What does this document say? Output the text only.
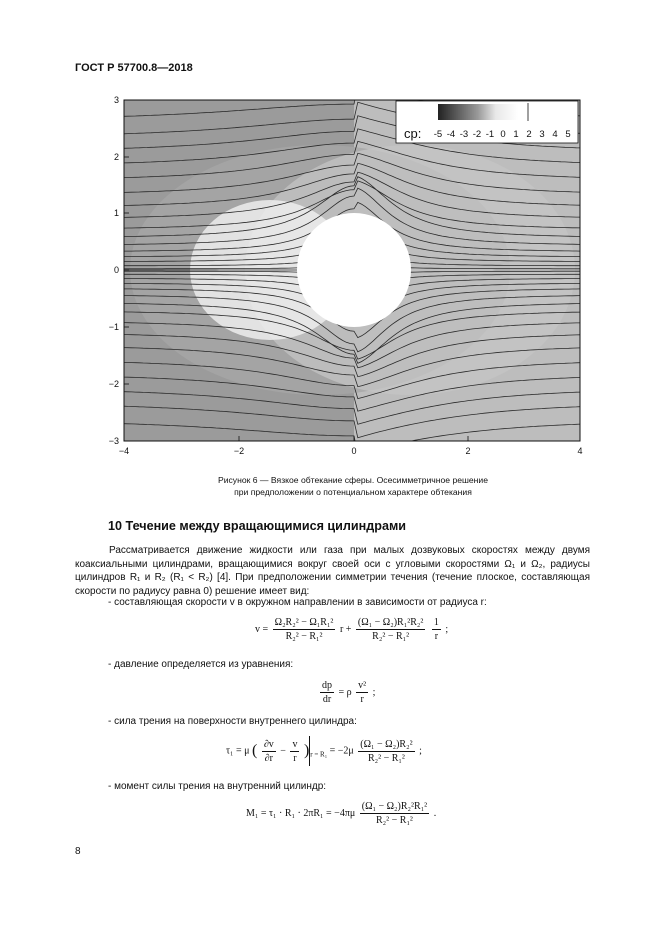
ГОСТ Р 57700.8—2018
−4	−2	0	2	4
3
2
1
0
−1
−2
−3
cp: -5 -4 -3 -2 -1 0 1 2 3 4 5
Рисунок 6 — Вязкое обтекание сферы. Осесимметричное решение
при предположении о потенциальном характере обтекания
10 Течение между вращающимися цилиндрами

Рассматривается движение жидкости или газа при малых дозвуковых скоростях между двумя коаксиальными цилиндрами, вращающимися вокруг своей оси с угловыми скоростями Ω₁ и Ω₂, радиусы цилиндров R₁ и R₂ (R₁ < R₂) [4]. При предположении симметрии течения (течение плоское, составляющая скорости по радиусу равна 0) решение имеет вид:

- составляющая скорости v в окружном направлении в зависимости от радиуса r:
$v = \frac{\text{Ω₂R₂² − Ω₁R₁²}}{\text{R₂² − R₁²}}$ $r + \frac{\text{(Ω₁ − Ω₂)R₁²R₂²}}{\text{R₂² − R₁²}}$
$\frac{1}{r}$ ;
- давление определяется из уравнения:
$\frac{dp}{dr} = \rho \frac{\text{v²}}{r}$ ;
- сила трения на поверхности внутреннего цилиндра:
τ₁ = μ ( $\frac{\partial v}{\partial r} - \frac{v}{r} )_{r = R_1} = -2\mu \frac{\text{(Ω₁ − Ω₂)R₂²}}{\text{R₂² − R₁²}}$ ;
- момент силы трения на внутренний цилиндр:
$M_1 = \tau_1 \cdot R_1 \cdot 2\pi R_1 = -4\pi\mu \frac{\text{(Ω₁ − Ω₂)R₂²R₁²}}{\text{R₂² − R₁²}}$ .
8
